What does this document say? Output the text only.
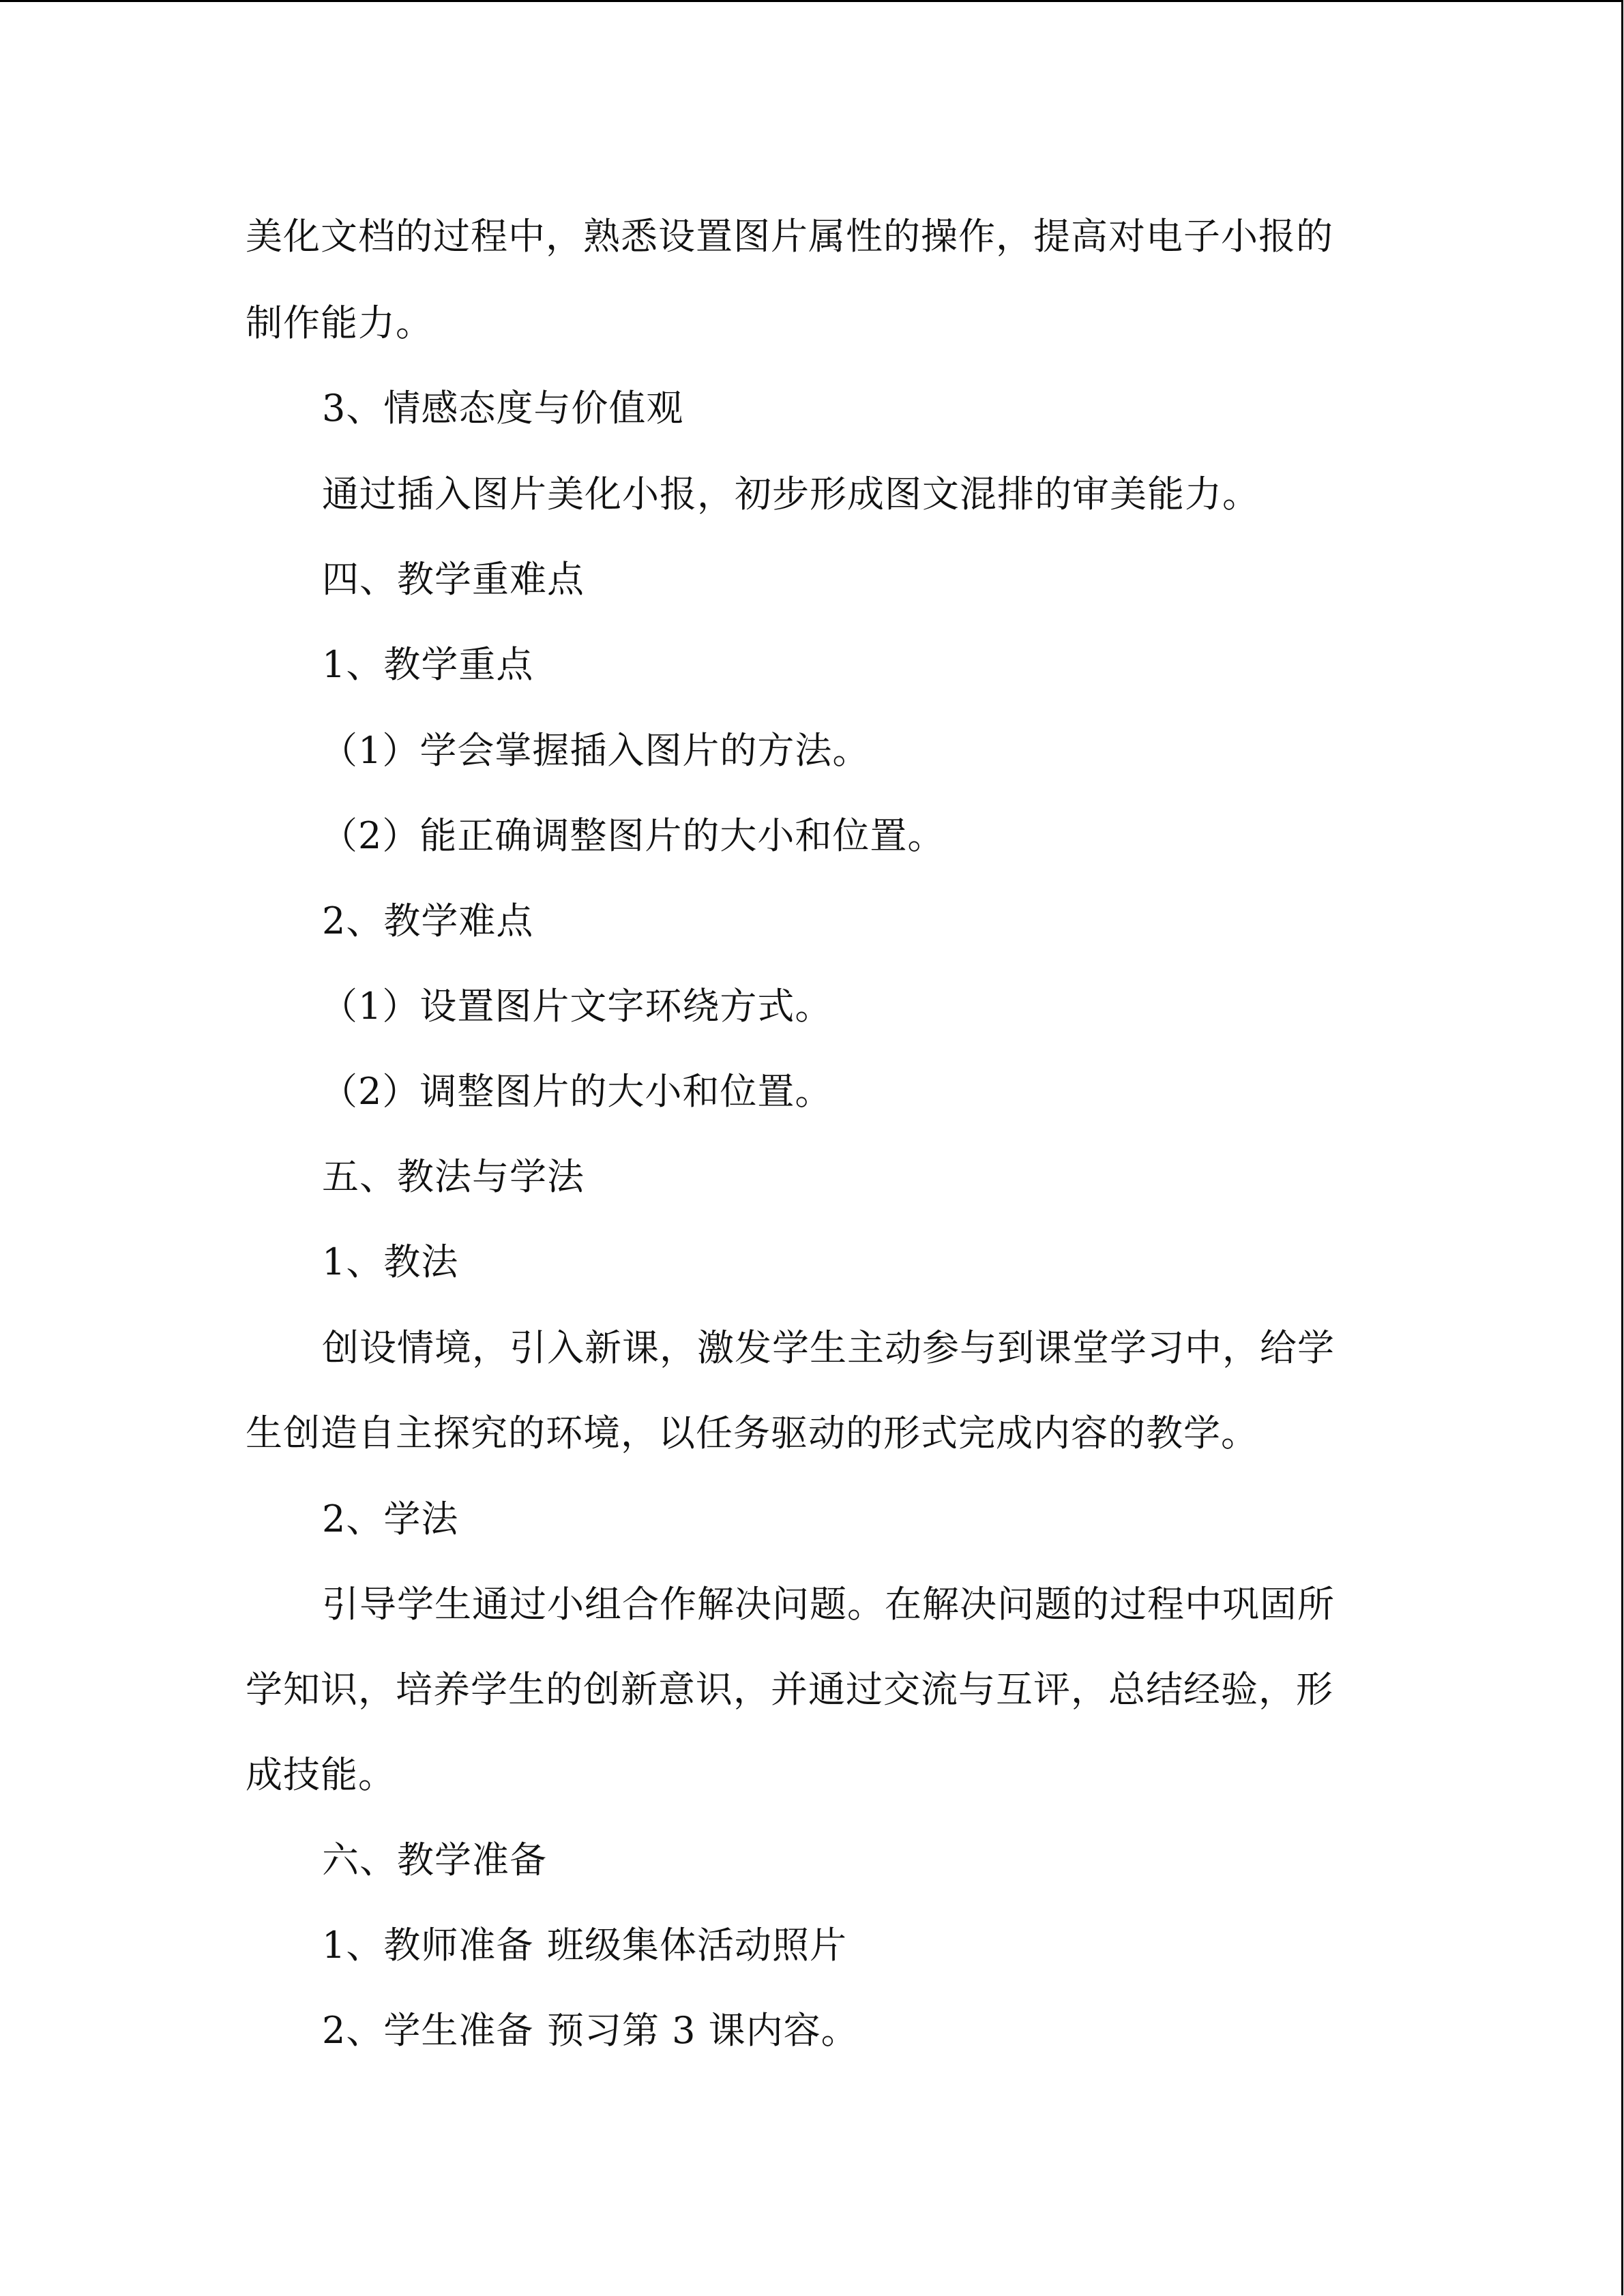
美化文档的过程中，熟悉设置图片属性的操作，提高对电子小报的

制作能力。

3、情感态度与价值观

通过插入图片美化小报，初步形成图文混排的审美能力。

四、教学重难点

1、教学重点

（1）学会掌握插入图片的方法。

（2）能正确调整图片的大小和位置。

2、教学难点

（1）设置图片文字环绕方式。

（2）调整图片的大小和位置。

五、教法与学法

1、教法

创设情境，引入新课，激发学生主动参与到课堂学习中，给学

生创造自主探究的环境，以任务驱动的形式完成内容的教学。

2、学法

引导学生通过小组合作解决问题。在解决问题的过程中巩固所

学知识，培养学生的创新意识，并通过交流与互评，总结经验，形

成技能。

六、教学准备

1、教师准备 班级集体活动照片

2、学生准备 预习第 3 课内容。
